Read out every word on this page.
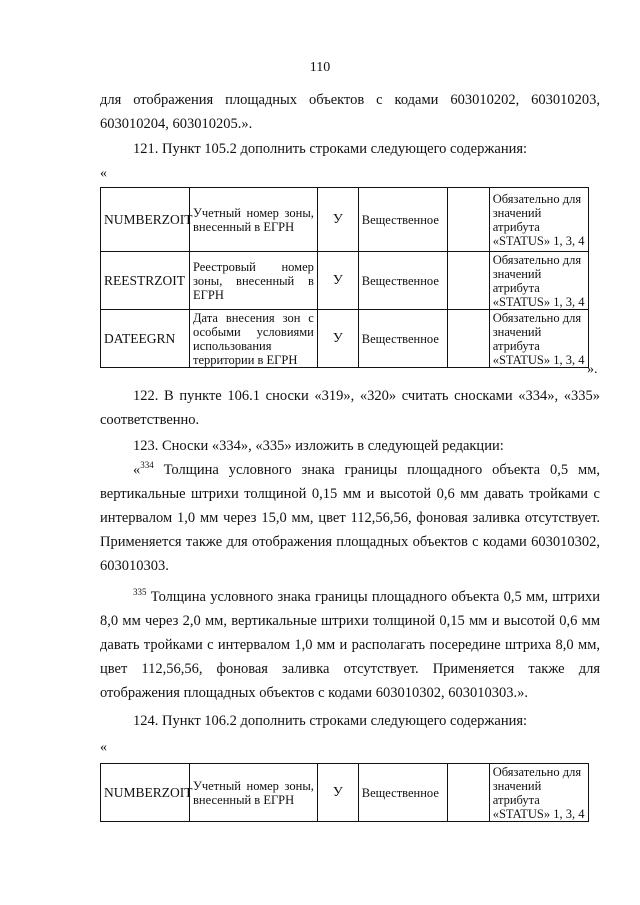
110
для отображения площадных объектов с кодами 603010202, 603010203, 603010204, 603010205.».
121. Пункт 105.2 дополнить строками следующего содержания:
«
NUMBERZOIT	Учетный номер зоны, внесенный в ЕГРН	У	Вещественное		Обязательно для значений атрибута «STATUS» 1, 3, 4
REESTRZOIT	Реестровый номер зоны, внесенный в ЕГРН	У	Вещественное		Обязательно для значений атрибута «STATUS» 1, 3, 4
DATEEGRN	Дата внесения зон с особыми условиями использования территории в ЕГРН	У	Вещественное		Обязательно для значений атрибута «STATUS» 1, 3, 4
».
122. В пункте 106.1 сноски «319», «320» считать сносками «334», «335» соответственно.
123. Сноски «334», «335» изложить в следующей редакции:
«$^{334}$ Толщина условного знака границы площадного объекта 0,5 мм, вертикальные штрихи толщиной 0,15 мм и высотой 0,6 мм давать тройками с интервалом 1,0 мм через 15,0 мм, цвет 112,56,56, фоновая заливка отсутствует. Применяется также для отображения площадных объектов с кодами 603010302, 603010303.
$^{335}$ Толщина условного знака границы площадного объекта 0,5 мм, штрихи 8,0 мм через 2,0 мм, вертикальные штрихи толщиной 0,15 мм и высотой 0,6 мм давать тройками с интервалом 1,0 мм и располагать посередине штриха 8,0 мм, цвет 112,56,56, фоновая заливка отсутствует. Применяется также для отображения площадных объектов с кодами 603010302, 603010303.».
124. Пункт 106.2 дополнить строками следующего содержания:
«
NUMBERZOIT	Учетный номер зоны, внесенный в ЕГРН	У	Вещественное		Обязательно для значений атрибута «STATUS» 1, 3, 4
